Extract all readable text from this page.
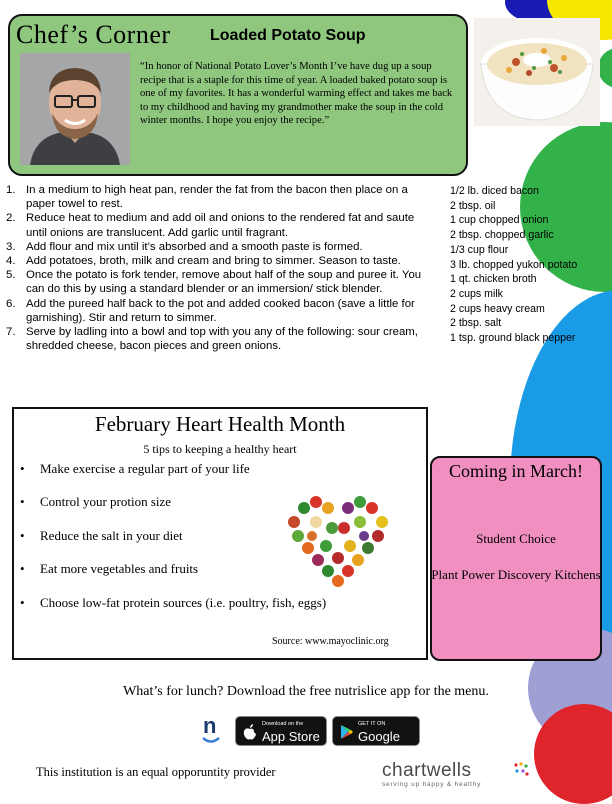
Chef’s Corner Loaded Potato Soup
“In honor of National Potato Lover’s Month I’ve have dug up a soup recipe that is a staple for this time of year. A loaded baked potato soup is one of my favorites. It has a wonderful warming effect and takes me back to my childhood and having my grandmother make the soup in the cold winter months. I hope you enjoy the recipe.”
1. In a medium to high heat pan, render the fat from the bacon then place on a paper towel to rest.
2. Reduce heat to medium and add oil and onions to the rendered fat and saute until onions are translucent. Add garlic until fragrant.
3. Add flour and mix until it’s absorbed and a smooth paste is formed.
4. Add potatoes, broth, milk and cream and bring to simmer. Season to taste.
5. Once the potato is fork tender, remove about half of the soup and puree it. You can do this by using a standard blender or an immersion/ stick blender.
6. Add the pureed half back to the pot and added cooked bacon (save a little for garnishing). Stir and return to simmer.
7. Serve by ladling into a bowl and top with you any of the following: sour cream, shredded cheese, bacon pieces and green onions.
1/2 lb. diced bacon
2 tbsp. oil
1 cup chopped onion
2 tbsp. chopped garlic
1/3 cup flour
3 lb. chopped yukon potato
1 qt. chicken broth
2 cups milk
2 cups heavy cream
2 tbsp. salt
1 tsp. ground black pepper
February Heart Health Month
5 tips to keeping a healthy heart
• Make exercise a regular part of your life
• Control your protion size
• Reduce the salt in your diet
• Eat more vegetables and fruits
• Choose low-fat protein sources (i.e. poultry, fish, eggs)
Source: www.mayoclinic.org
Coming in March!
Student Choice
Plant Power Discovery Kitchens
What’s for lunch? Download the free nutrislice app for the menu.
n	Download on the
App Store
GET IT ON
Google Play
This institution is an equal opporuntity provider	chartwells
serving up happy & healthy
